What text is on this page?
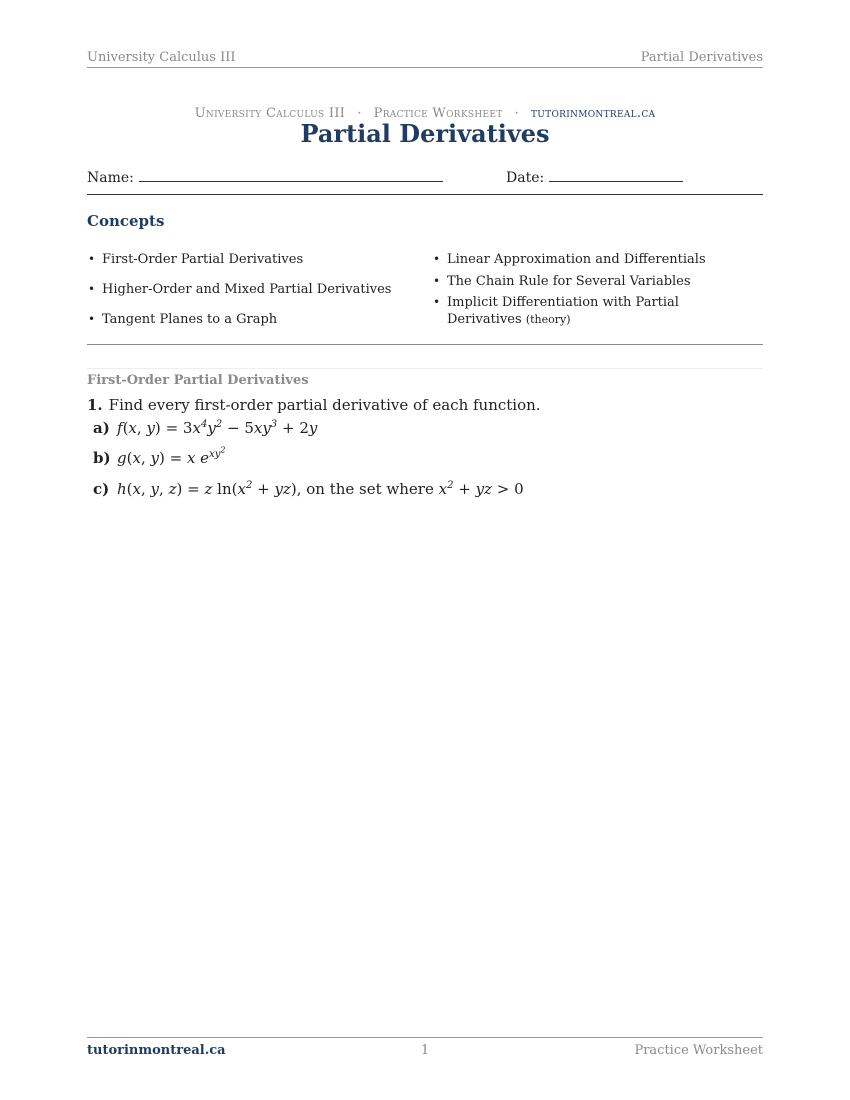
University Calculus III	Partial Derivatives
University Calculus III · Practice Worksheet · tutorinmontreal.ca
Partial Derivatives
Name:	Date:
Concepts
• First-Order Partial Derivatives
• Higher-Order and Mixed Partial Derivatives
• Tangent Planes to a Graph
• Linear Approximation and Differentials
• The Chain Rule for Several Variables
• Implicit Differentiation with Partial Derivatives (theory)
First-Order Partial Derivatives
1. Find every first-order partial derivative of each function.
a) f(x, $y) = 3x^4y^2 - 5xy^3 + 2y$
b) g(x, y) = x $e^{xy^2}$
c) h(x, y, z) = z $\ln(x^2 + yz)$, on the set where $x^2$ + yz > 0
tutorinmontreal.ca	1	Practice Worksheet
